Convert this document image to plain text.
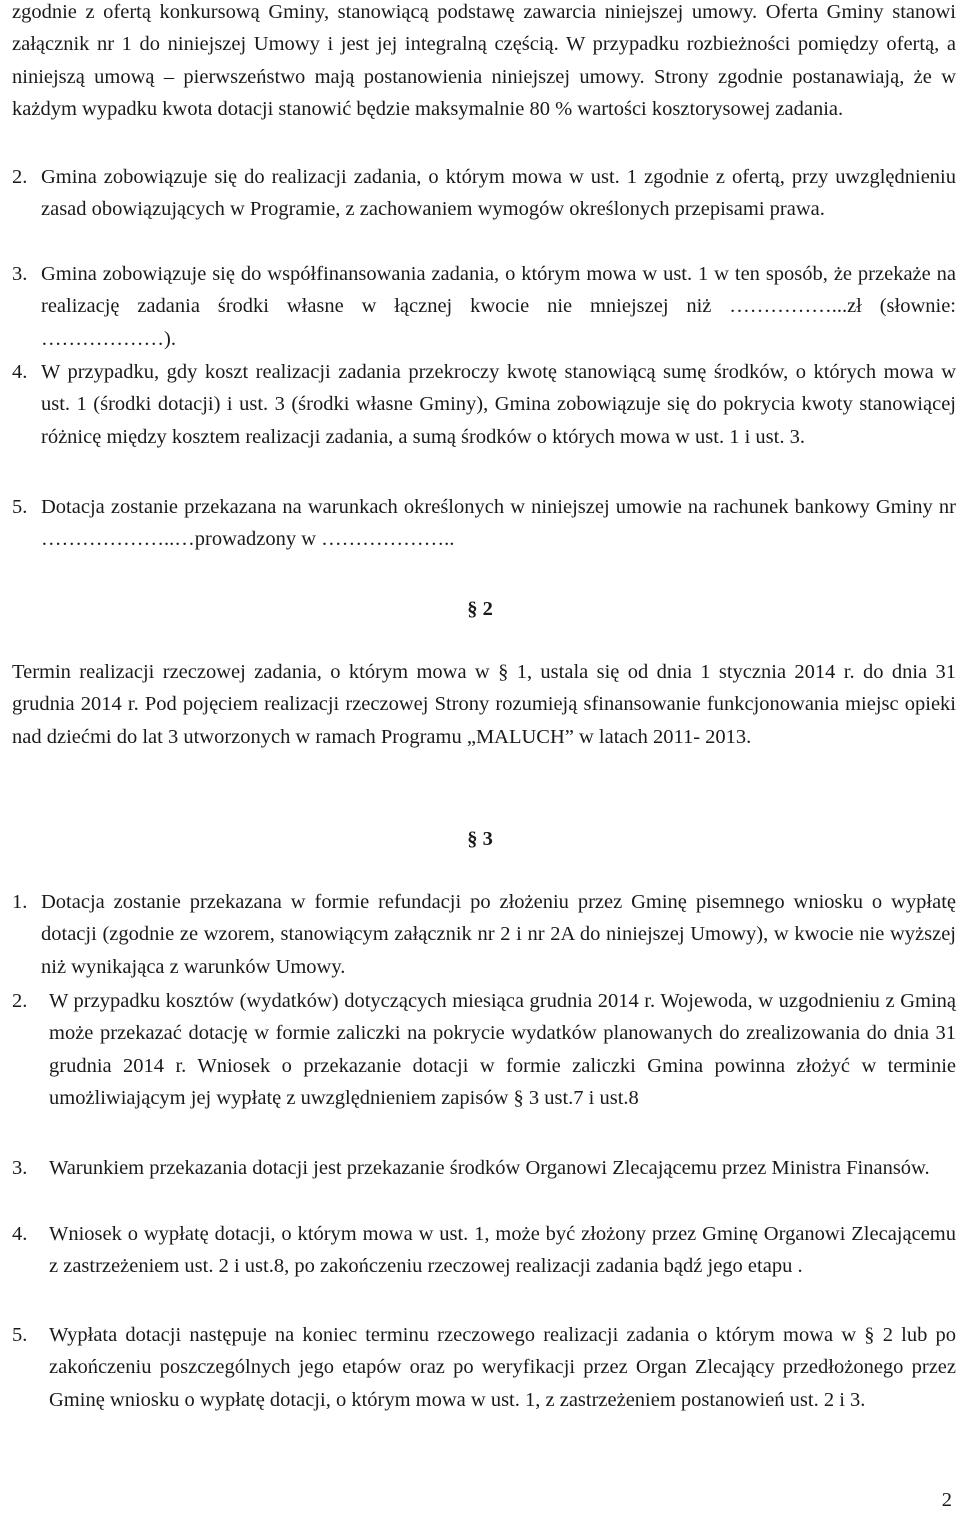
zgodnie z ofertą konkursową Gminy, stanowiącą podstawę zawarcia niniejszej umowy. Oferta Gminy stanowi załącznik nr 1 do niniejszej Umowy i jest jej integralną częścią. W przypadku rozbieżności pomiędzy ofertą, a niniejszą umową – pierwszeństwo mają postanowienia niniejszej umowy. Strony zgodnie postanawiają, że w każdym wypadku kwota dotacji stanowić będzie maksymalnie 80 % wartości kosztorysowej zadania.

2. Gmina zobowiązuje się do realizacji zadania, o którym mowa w ust. 1 zgodnie z ofertą, przy uwzględnieniu zasad obowiązujących w Programie, z zachowaniem wymogów określonych przepisami prawa.

3. Gmina zobowiązuje się do współfinansowania zadania, o którym mowa w ust. 1 w ten sposób, że przekaże na realizację zadania środki własne w łącznej kwocie nie mniejszej niż ……………...zł (słownie: ………………).

4. W przypadku, gdy koszt realizacji zadania przekroczy kwotę stanowiącą sumę środków, o których mowa w ust. 1 (środki dotacji) i ust. 3 (środki własne Gminy), Gmina zobowiązuje się do pokrycia kwoty stanowiącej różnicę między kosztem realizacji zadania, a sumą środków o których mowa w ust. 1 i ust. 3.

5. Dotacja zostanie przekazana na warunkach określonych w niniejszej umowie na rachunek bankowy Gminy nr ………………..…prowadzony w ………………..

§ 2

Termin realizacji rzeczowej zadania, o którym mowa w § 1, ustala się od dnia 1 stycznia 2014 r. do dnia 31 grudnia 2014 r. Pod pojęciem realizacji rzeczowej Strony rozumieją sfinansowanie funkcjonowania miejsc opieki nad dziećmi do lat 3 utworzonych w ramach Programu „MALUCH” w latach 2011- 2013.

§ 3
1. Dotacja zostanie przekazana w formie refundacji po złożeniu przez Gminę pisemnego wniosku o wypłatę dotacji (zgodnie ze wzorem, stanowiącym załącznik nr 2 i nr 2A do niniejszej Umowy), w kwocie nie wyższej niż wynikająca z warunków Umowy.

2. W przypadku kosztów (wydatków) dotyczących miesiąca grudnia 2014 r. Wojewoda, w uzgodnieniu z Gminą może przekazać dotację w formie zaliczki na pokrycie wydatków planowanych do zrealizowania do dnia 31 grudnia 2014 r. Wniosek o przekazanie dotacji w formie zaliczki Gmina powinna złożyć w terminie umożliwiającym jej wypłatę z uwzględnieniem zapisów § 3 ust.7 i ust.8

3. Warunkiem przekazania dotacji jest przekazanie środków Organowi Zlecającemu przez Ministra Finansów.

4. Wniosek o wypłatę dotacji, o którym mowa w ust. 1, może być złożony przez Gminę Organowi Zlecającemu z zastrzeżeniem ust. 2 i ust.8, po zakończeniu rzeczowej realizacji zadania bądź jego etapu .

5. Wypłata dotacji następuje na koniec terminu rzeczowego realizacji zadania o którym mowa w § 2 lub po zakończeniu poszczególnych jego etapów oraz po weryfikacji przez Organ Zlecający przedłożonego przez Gminę wniosku o wypłatę dotacji, o którym mowa w ust. 1, z zastrzeżeniem postanowień ust. 2 i 3.

2
